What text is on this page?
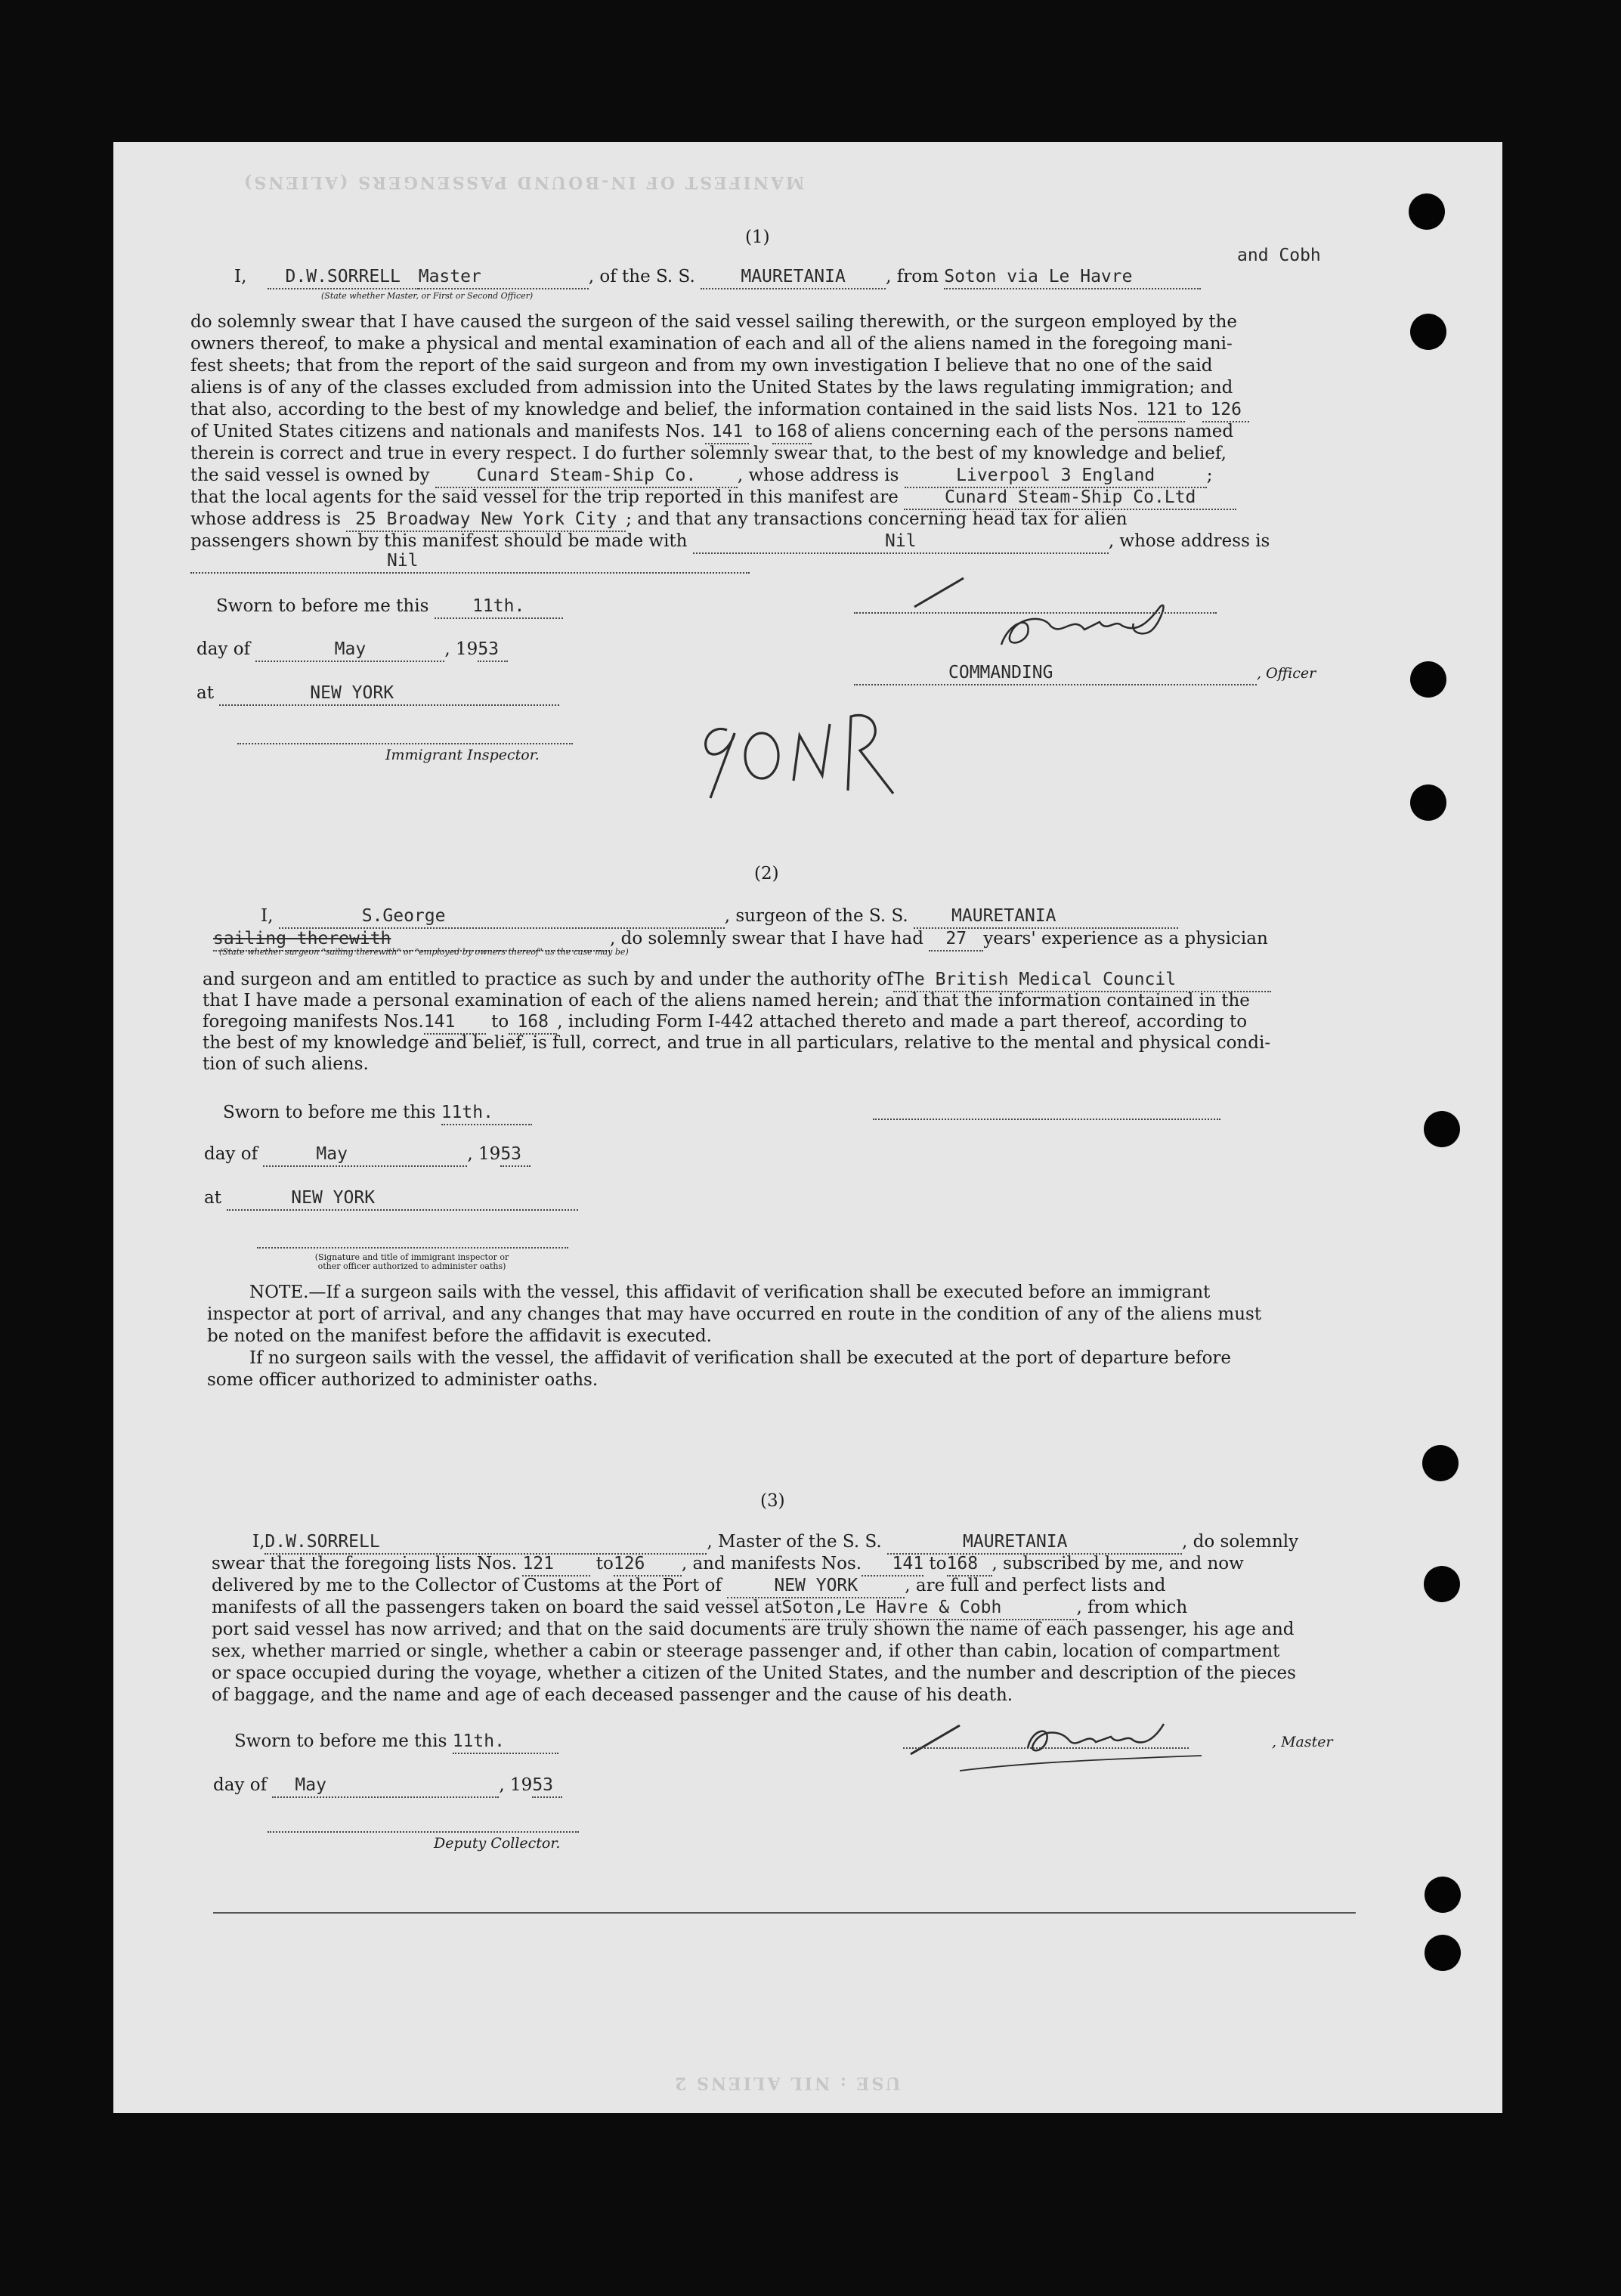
MANIFEST OF IN-BOUND PASSENGERS (ALIENS)
USE : NIL ALIENS 2
(1)
and Cobh
I, D.W.SORRELL Master	, of the S. S.	MAURETANIA , from Soton via Le Havre
(State whether Master, or First or Second Officer)
do solemnly swear that I have caused the surgeon of the said vessel sailing therewith, or the surgeon employed by the
owners thereof, to make a physical and mental examination of each and all of the aliens named in the foregoing mani-
fest sheets; that from the report of the said surgeon and from my own investigation I believe that no one of the said
aliens is of any of the classes excluded from admission into the United States by the laws regulating immigration; and
that also, according to the best of my knowledge and belief, the information contained in the said lists Nos. 121 to 126
of United States citizens and nationals and manifests Nos. 141 to 168 of aliens concerning each of the persons named
therein is correct and true in every respect. I do further solemnly swear that, to the best of my knowledge and belief,
the said vessel is owned by	Cunard Steam-Ship Co. , whose address is	Liverpool 3 England	;
that the local agents for the said vessel for the trip reported in this manifest are	Cunard Steam-Ship Co.Ltd
whose address is 25 Broadway New York City ; and that any transactions concerning head tax for alien
passengers shown by this manifest should be made with	Nil	, whose address is
Nil
Sworn to before me this	11th.
day of	May	, 1953
at	NEW YORK
Immigrant Inspector.
COMMANDING	, Officer
(2)
I,	S.George	, surgeon of the S. S. MAURETANIA
sailing therewith	, do solemnly swear that I have had 27 years' experience as a physician
(State whether surgeon "sailing therewith" or "employed by owners thereof" as the case may be)
and surgeon and am entitled to practice as such by and under the authority ofThe British Medical Council
that I have made a personal examination of each of the aliens named herein; and that the information contained in the
foregoing manifests Nos.141 to 168 , including Form I-442 attached thereto and made a part thereof, according to
the best of my knowledge and belief, is full, correct, and true in all particulars, relative to the mental and physical condi-
tion of such aliens.
Sworn to before me this 11th.
day of	May	, 1953
at	NEW YORK
(Signature and title of immigrant inspector or
other officer authorized to administer oaths)
NOTE.—If a surgeon sails with the vessel, this affidavit of verification shall be executed before an immigrant
inspector at port of arrival, and any changes that may have occurred en route in the condition of any of the aliens must
be noted on the manifest before the affidavit is executed.
If no surgeon sails with the vessel, the affidavit of verification shall be executed at the port of departure before
some officer authorized to administer oaths.
(3)
I,D.W.SORRELL	, Master of the S. S.	MAURETANIA	, do solemnly
swear that the foregoing lists Nos. 121 to126 , and manifests Nos. 141 to168 , subscribed by me, and now
delivered by me to the Collector of Customs at the Port of	NEW YORK	, are full and perfect lists and
manifests of all the passengers taken on board the said vessel atSoton,Le Havre & Cobh	, from which
port said vessel has now arrived; and that on the said documents are truly shown the name of each passenger, his age and
sex, whether married or single, whether a cabin or steerage passenger and, if other than cabin, location of compartment
or space occupied during the voyage, whether a citizen of the United States, and the number and description of the pieces
of baggage, and the name and age of each deceased passenger and the cause of his death.
Sworn to before me this 11th.	, Master
day of May	, 1953
Deputy Collector.
